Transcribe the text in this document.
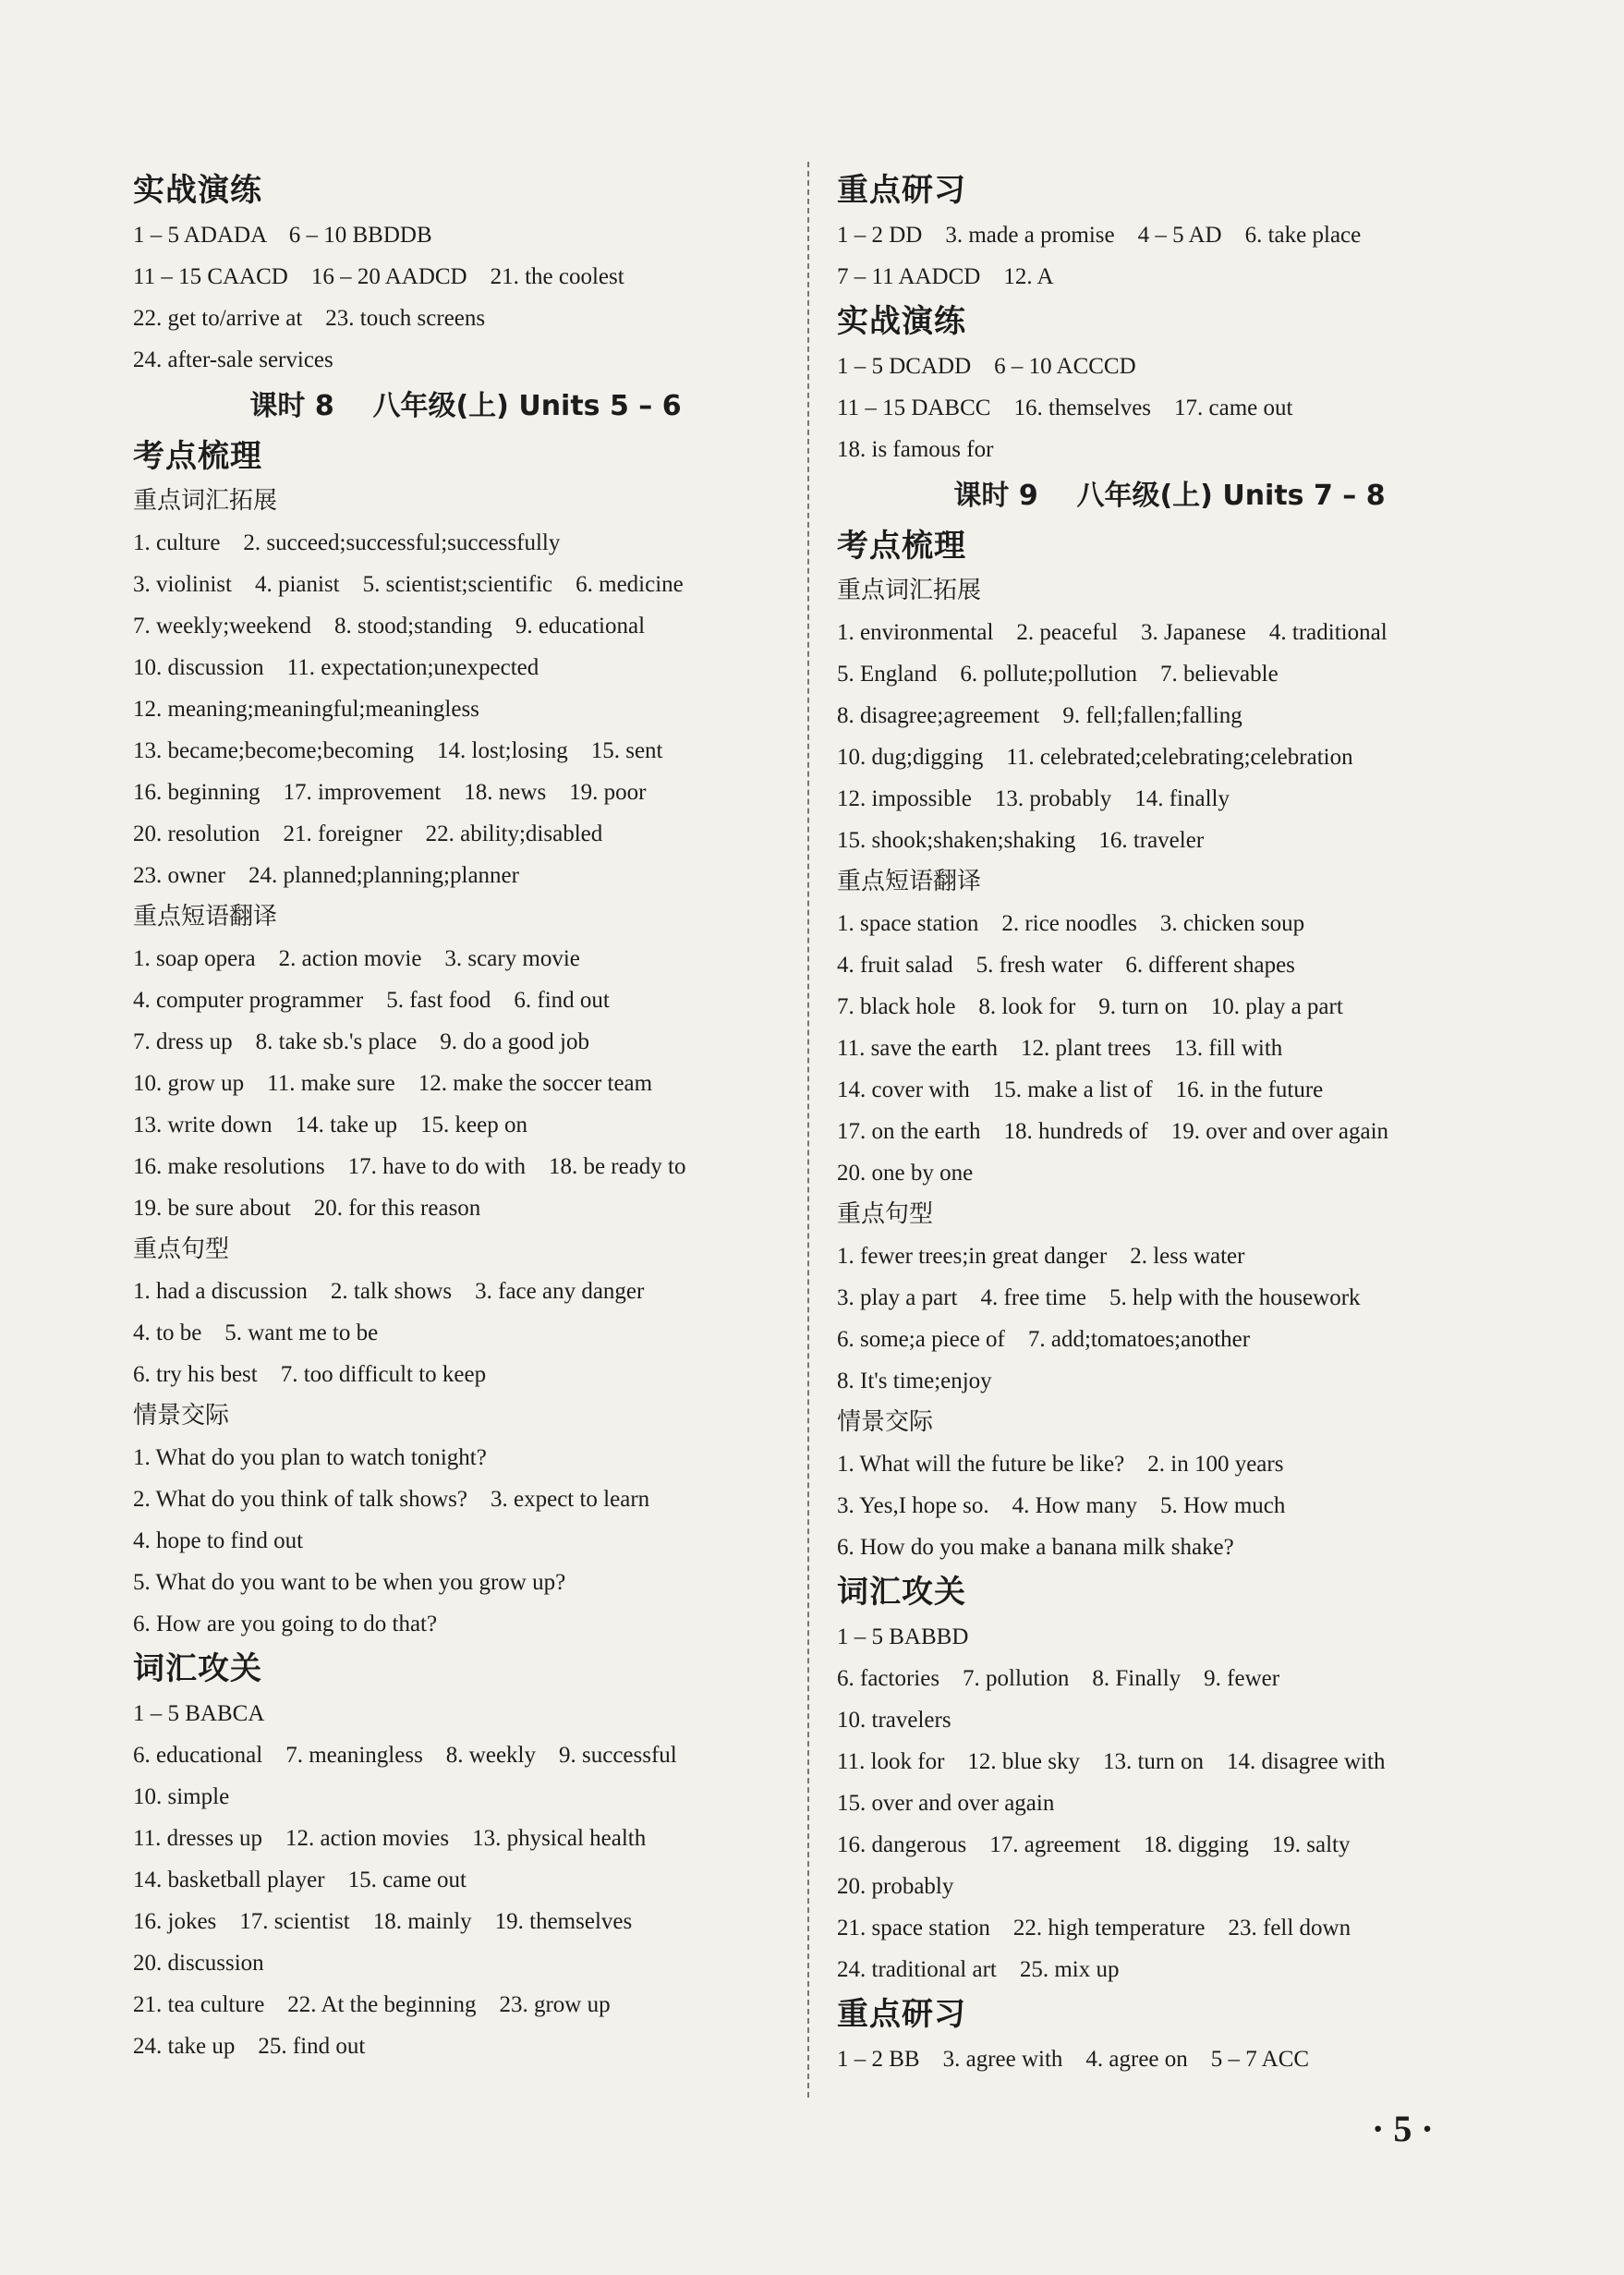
实战演练
1 – 5 ADADA    6 – 10 BBDDB
11 – 15 CAACD    16 – 20 AADCD    21. the coolest
22. get to/arrive at    23. touch screens
24. after-sale services
课时 8    八年级(上) Units 5 – 6
考点梳理
重点词汇拓展
1. culture    2. succeed;successful;successfully
3. violinist    4. pianist    5. scientist;scientific    6. medicine
7. weekly;weekend    8. stood;standing    9. educational
10. discussion    11. expectation;unexpected
12. meaning;meaningful;meaningless
13. became;become;becoming    14. lost;losing    15. sent
16. beginning    17. improvement    18. news    19. poor
20. resolution    21. foreigner    22. ability;disabled
23. owner    24. planned;planning;planner
重点短语翻译
1. soap opera    2. action movie    3. scary movie
4. computer programmer    5. fast food    6. find out
7. dress up    8. take sb.'s place    9. do a good job
10. grow up    11. make sure    12. make the soccer team
13. write down    14. take up    15. keep on
16. make resolutions    17. have to do with    18. be ready to
19. be sure about    20. for this reason
重点句型
1. had a discussion    2. talk shows    3. face any danger
4. to be    5. want me to be
6. try his best    7. too difficult to keep
情景交际
1. What do you plan to watch tonight?
2. What do you think of talk shows?    3. expect to learn
4. hope to find out
5. What do you want to be when you grow up?
6. How are you going to do that?
词汇攻关
1 – 5 BABCA
6. educational    7. meaningless    8. weekly    9. successful
10. simple
11. dresses up    12. action movies    13. physical health
14. basketball player    15. came out
16. jokes    17. scientist    18. mainly    19. themselves
20. discussion
21. tea culture    22. At the beginning    23. grow up
24. take up    25. find out
重点研习
1 – 2 DD    3. made a promise    4 – 5 AD    6. take place
7 – 11 AADCD    12. A
实战演练
1 – 5 DCADD    6 – 10 ACCCD
11 – 15 DABCC    16. themselves    17. came out
18. is famous for
课时 9    八年级(上) Units 7 – 8
考点梳理
重点词汇拓展
1. environmental    2. peaceful    3. Japanese    4. traditional
5. England    6. pollute;pollution    7. believable
8. disagree;agreement    9. fell;fallen;falling
10. dug;digging    11. celebrated;celebrating;celebration
12. impossible    13. probably    14. finally
15. shook;shaken;shaking    16. traveler
重点短语翻译
1. space station    2. rice noodles    3. chicken soup
4. fruit salad    5. fresh water    6. different shapes
7. black hole    8. look for    9. turn on    10. play a part
11. save the earth    12. plant trees    13. fill with
14. cover with    15. make a list of    16. in the future
17. on the earth    18. hundreds of    19. over and over again
20. one by one
重点句型
1. fewer trees;in great danger    2. less water
3. play a part    4. free time    5. help with the housework
6. some;a piece of    7. add;tomatoes;another
8. It's time;enjoy
情景交际
1. What will the future be like?    2. in 100 years
3. Yes,I hope so.    4. How many    5. How much
6. How do you make a banana milk shake?
词汇攻关
1 – 5 BABBD
6. factories    7. pollution    8. Finally    9. fewer
10. travelers
11. look for    12. blue sky    13. turn on    14. disagree with
15. over and over again
16. dangerous    17. agreement    18. digging    19. salty
20. probably
21. space station    22. high temperature    23. fell down
24. traditional art    25. mix up
重点研习
1 – 2 BB    3. agree with    4. agree on    5 – 7 ACC
· 5 ·
